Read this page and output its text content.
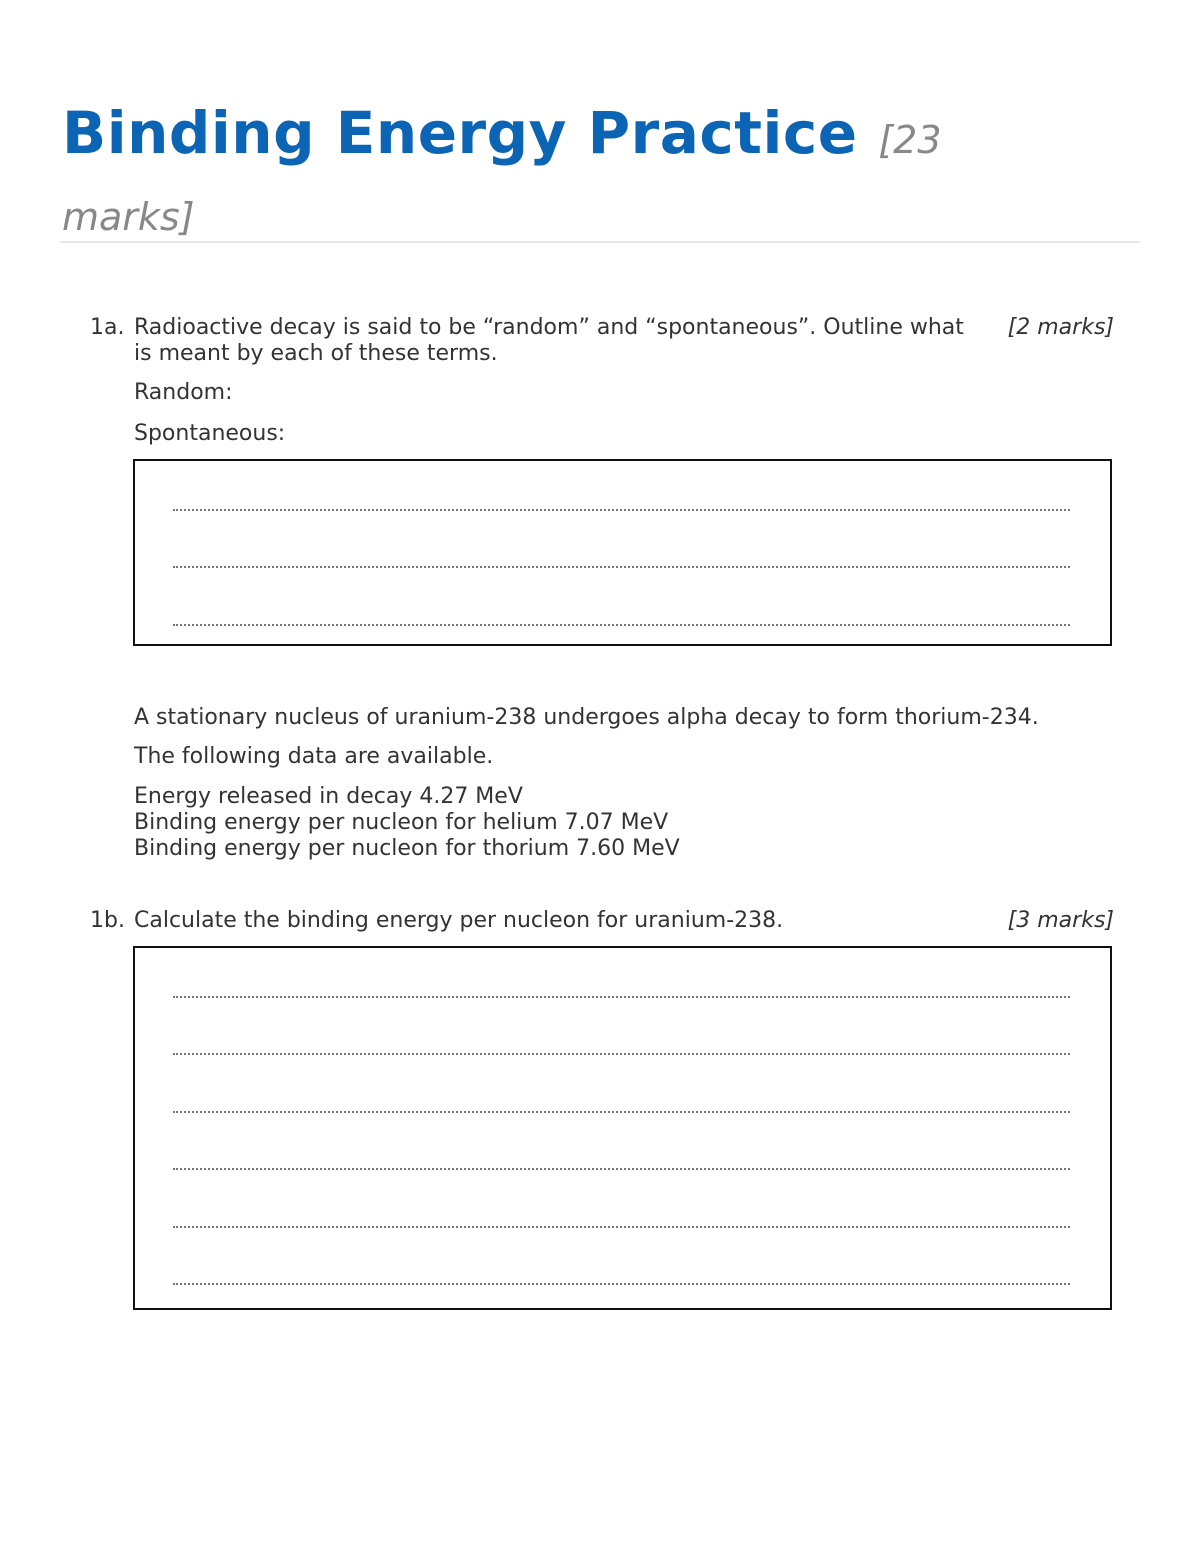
Binding Energy Practice [23 marks]
1a. Radioactive decay is said to be “random” and “spontaneous”. Outline what is meant by each of these terms.
[2 marks]
Random:
Spontaneous:
A stationary nucleus of uranium-238 undergoes alpha decay to form thorium-234.
The following data are available.
Energy released in decay 4.27 MeV
Binding energy per nucleon for helium 7.07 MeV
Binding energy per nucleon for thorium 7.60 MeV
1b. Calculate the binding energy per nucleon for uranium-238.	[3 marks]
